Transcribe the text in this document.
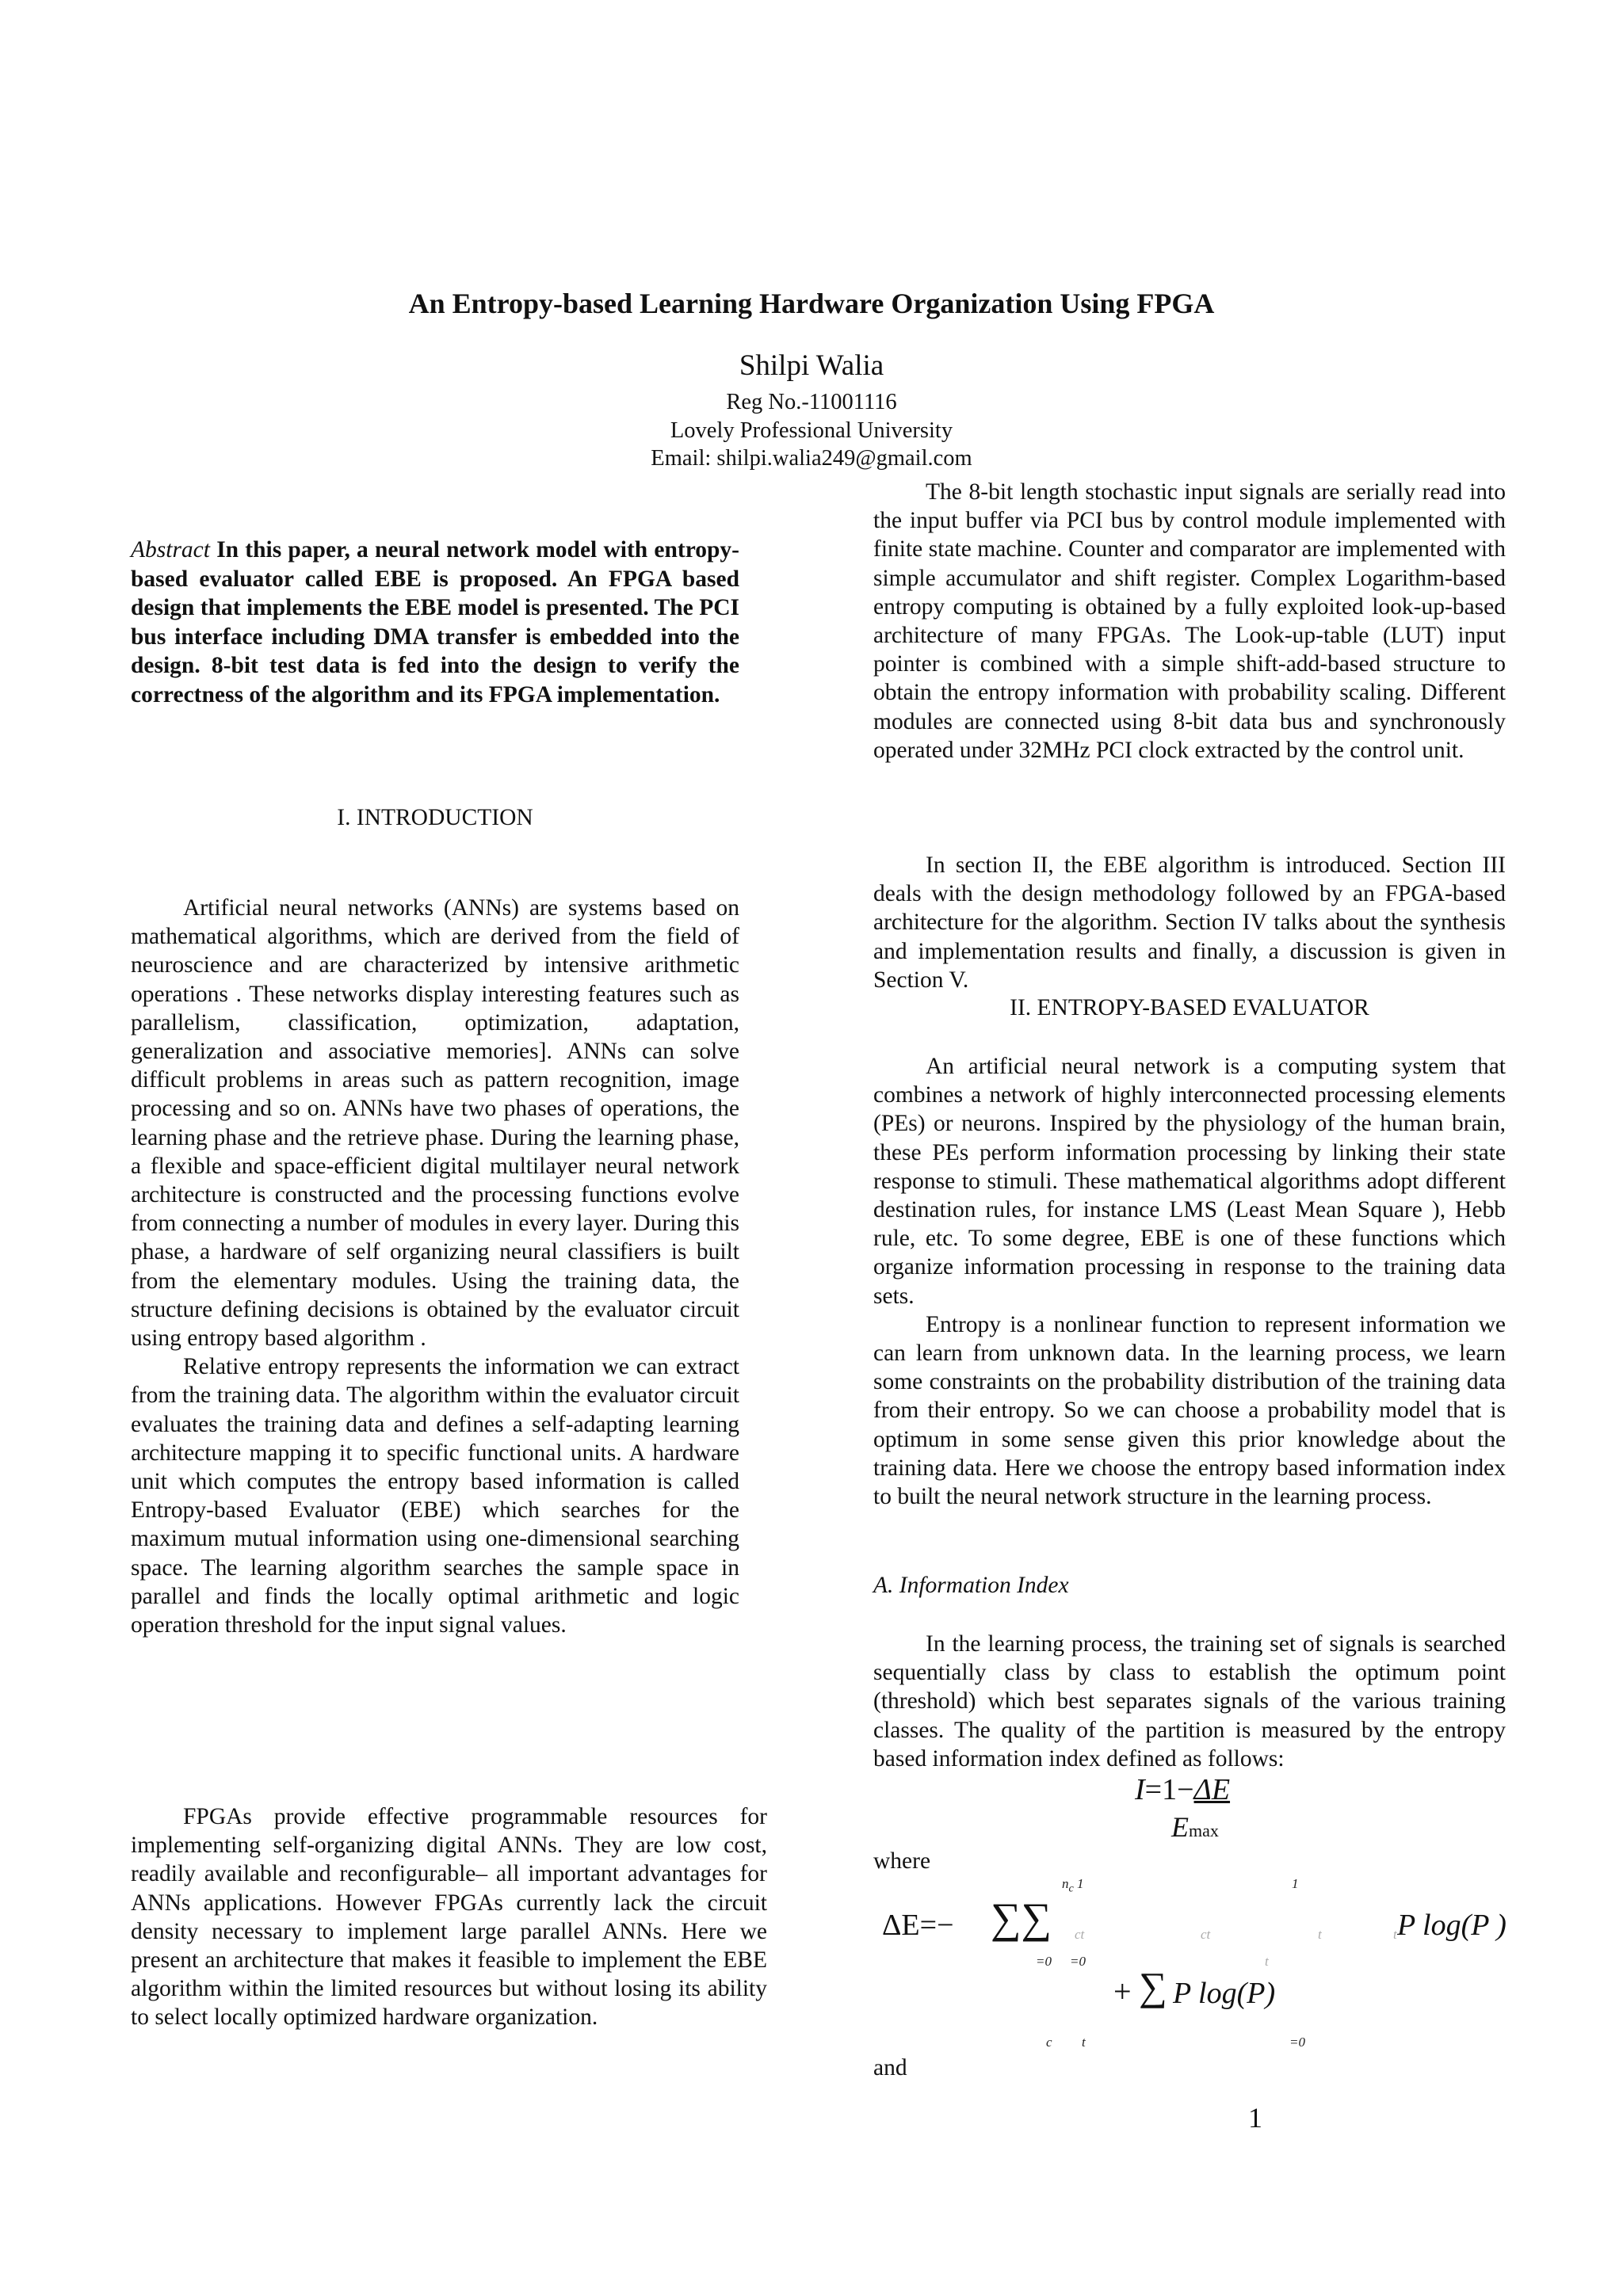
An Entropy-based Learning Hardware Organization Using FPGA
Shilpi Walia
Reg No.-11001116
Lovely Professional University
Email: shilpi.walia249@gmail.com
Abstract In this paper, a neural network model with entropy-based evaluator called EBE is proposed. An FPGA based design that implements the EBE model is presented. The PCI bus interface including DMA transfer is embedded into the design. 8-bit test data is fed into the design to verify the correctness of the algorithm and its FPGA implementation.
I. INTRODUCTION

Artificial neural networks (ANNs) are systems based on mathematical algorithms, which are derived from the field of neuroscience and are characterized by intensive arithmetic operations . These networks display interesting features such as parallelism, classification, optimization, adaptation, generalization and associative memories]. ANNs can solve difficult problems in areas such as pattern recognition, image processing and so on. ANNs have two phases of operations, the learning phase and the retrieve phase. During the learning phase, a flexible and space-efficient digital multilayer neural network architecture is constructed and the processing functions evolve from connecting a number of modules in every layer. During this phase, a hardware of self organizing neural classifiers is built from the elementary modules. Using the training data, the structure defining decisions is obtained by the evaluator circuit using entropy based algorithm .

Relative entropy represents the information we can extract from the training data. The algorithm within the evaluator circuit evaluates the training data and defines a self-adapting learning architecture mapping it to specific functional units. A hardware unit which computes the entropy based information is called Entropy-based Evaluator (EBE) which searches for the maximum mutual information using one-dimensional searching space. The learning algorithm searches the sample space in parallel and finds the locally optimal arithmetic and logic operation threshold for the input signal values.

FPGAs provide effective programmable resources for implementing self-organizing digital ANNs. They are low cost, readily available and reconfigurable– all important advantages for ANNs applications. However FPGAs currently lack the circuit density necessary to implement large parallel ANNs. Here we present an architecture that makes it feasible to implement the EBE algorithm within the limited resources but without losing its ability to select locally optimized hardware organization.

The 8-bit length stochastic input signals are serially read into the input buffer via PCI bus by control module implemented with finite state machine. Counter and comparator are implemented with simple accumulator and shift register. Complex Logarithm-based entropy computing is obtained by a fully exploited look-up-based architecture of many FPGAs. The Look-up-table (LUT) input pointer is combined with a simple shift-add-based structure to obtain the entropy information with probability scaling. Different modules are connected using 8-bit data bus and synchronously operated under 32MHz PCI clock extracted by the control unit.

In section II, the EBE algorithm is introduced. Section III deals with the design methodology followed by an FPGA-based architecture for the algorithm. Section IV talks about the synthesis and implementation results and finally, a discussion is given in Section V.

II. ENTROPY-BASED EVALUATOR

An artificial neural network is a computing system that combines a network of highly interconnected processing elements (PEs) or neurons. Inspired by the physiology of the human brain, these PEs perform information processing by linking their state response to stimuli. These mathematical algorithms adopt different destination rules, for instance LMS (Least Mean Square ), Hebb rule, etc. To some degree, EBE is one of these functions which organize information processing in response to the training data sets.

Entropy is a nonlinear function to represent information we can learn from unknown data. In the learning process, we learn some constraints on the probability distribution of the training data from their entropy. So we can choose a probability model that is optimum in some sense given this prior knowledge about the training data. Here we choose the entropy based information index to built the neural network structure in the learning process.

A. Information Index

In the learning process, the training set of signals is searched sequentially class by class to establish the optimum point (threshold) which best separates signals of the various training classes. The quality of the partition is measured by the entropy based information index defined as follows:

I=1−ΔE
Emax
where
$n_c$ 1	1
ΔE=− ∑∑ ct	ct	t	t P log(P )
=0 =0	t
+ ∑ P log(P)
c t	=0
and
1
